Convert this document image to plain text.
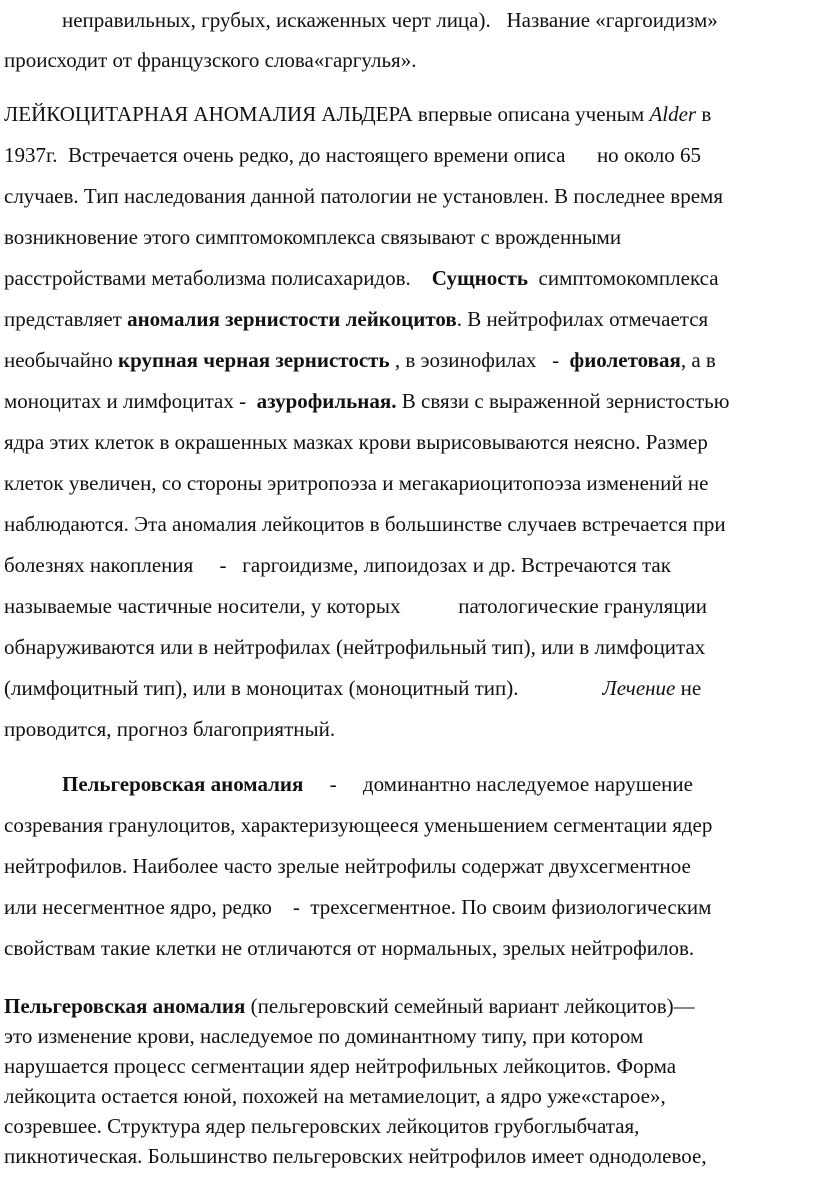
неправильных, грубых, искаженных черт лица).   Название «гаргоидизм»
происходит от французского слова«гаргулья».
ЛЕЙКОЦИТАРНАЯ АНОМАЛИЯ АЛЬДЕРА впервые описана ученым Alder в
1937г.  Встречается очень редко, до настоящего времени описа      но около 65
случаев. Тип наследования данной патологии не установлен. В последнее время
возникновение этого симптомокомплекса связывают с врожденными
расстройствами метаболизма полисахаридов.    Сущность  симптомокомплекса
представляет аномалия зернистости лейкоцитов. В нейтрофилах отмечается
необычайно крупная черная зернистость , в эозинофилах   -  фиолетовая, а в
моноцитах и лимфоцитах -  азурофильная. В связи с выраженной зернистостью
ядра этих клеток в окрашенных мазках крови вырисовываются неясно. Размер
клеток увеличен, со стороны эритропоэза и мегакариоцитопоэза изменений не
наблюдаются. Эта аномалия лейкоцитов в большинстве случаев встречается при
болезнях накопления     -   гаргоидизме, липоидозах и др. Встречаются так
называемые частичные носители, у которых           патологические грануляции
обнаруживаются или в нейтрофилах (нейтрофильный тип), или в лимфоцитах
(лимфоцитный тип), или в моноцитах (моноцитный тип).                Лечение не
проводится, прогноз благоприятный.
Пельгеровская аномалия     -     доминантно наследуемое нарушение
созревания гранулоцитов, характеризующееся уменьшением сегментации ядер
нейтрофилов. Наиболее часто зрелые нейтрофилы содержат двухсегментное
или несегментное ядро, редко    -  трехсегментное. По своим физиологическим
свойствам такие клетки не отличаются от нормальных, зрелых нейтрофилов.
Пельгеровская аномалия (пельгеровский семейный вариант лейкоцитов)—
это изменение крови, наследуемое по доминантному типу, при котором
нарушается процесс сегментации ядер нейтрофильных лейкоцитов. Форма
лейкоцита остается юной, похожей на метамиелоцит, а ядро уже«старое»,
созревшее. Структура ядер пельгеровских лейкоцитов грубоглыбчатая,
пикнотическая. Большинство пельгеровских нейтрофилов имеет однодолевое,
